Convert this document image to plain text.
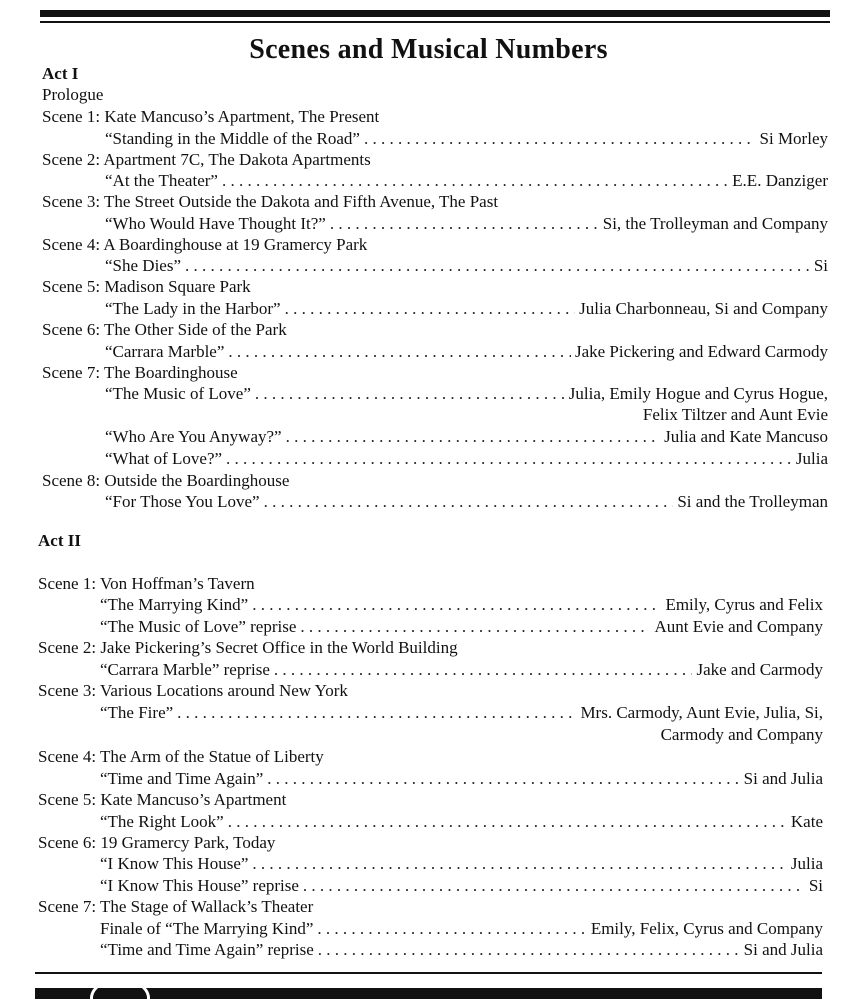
Scenes and Musical Numbers
Act I
Prologue
Scene 1: Kate Mancuso’s Apartment, The Present
“Standing in the Middle of the Road” . . .	Si Morley
Scene 2: Apartment 7C, The Dakota Apartments
“At the Theater” . . .	E.E. Danziger
Scene 3: The Street Outside the Dakota and Fifth Avenue, The Past
“Who Would Have Thought It?” . . .	Si, the Trolleyman and Company
Scene 4: A Boardinghouse at 19 Gramercy Park
“She Dies” . . .	Si
Scene 5: Madison Square Park
“The Lady in the Harbor” . . .	Julia Charbonneau, Si and Company
Scene 6: The Other Side of the Park
“Carrara Marble” . . .	Jake Pickering and Edward Carmody
Scene 7: The Boardinghouse
“The Music of Love” . . .	Julia, Emily Hogue and Cyrus Hogue,
Felix Tiltzer and Aunt Evie
“Who Are You Anyway?” . . .	Julia and Kate Mancuso
“What of Love?” . . .	Julia
Scene 8: Outside the Boardinghouse
“For Those You Love” . . .	Si and the Trolleyman
Act II
Scene 1: Von Hoffman’s Tavern
“The Marrying Kind” . . .	Emily, Cyrus and Felix
“The Music of Love” reprise . . .	Aunt Evie and Company
Scene 2: Jake Pickering’s Secret Office in the World Building
“Carrara Marble” reprise . . .	Jake and Carmody
Scene 3: Various Locations around New York
“The Fire” . . .	Mrs. Carmody, Aunt Evie, Julia, Si,
Carmody and Company
Scene 4: The Arm of the Statue of Liberty
“Time and Time Again” . . .	Si and Julia
Scene 5: Kate Mancuso’s Apartment
“The Right Look” . . .	Kate
Scene 6: 19 Gramercy Park, Today
“I Know This House” . . .	Julia
“I Know This House” reprise . . .	Si
Scene 7: The Stage of Wallack’s Theater
Finale of “The Marrying Kind” . . .	Emily, Felix, Cyrus and Company
“Time and Time Again” reprise . . .	Si and Julia
